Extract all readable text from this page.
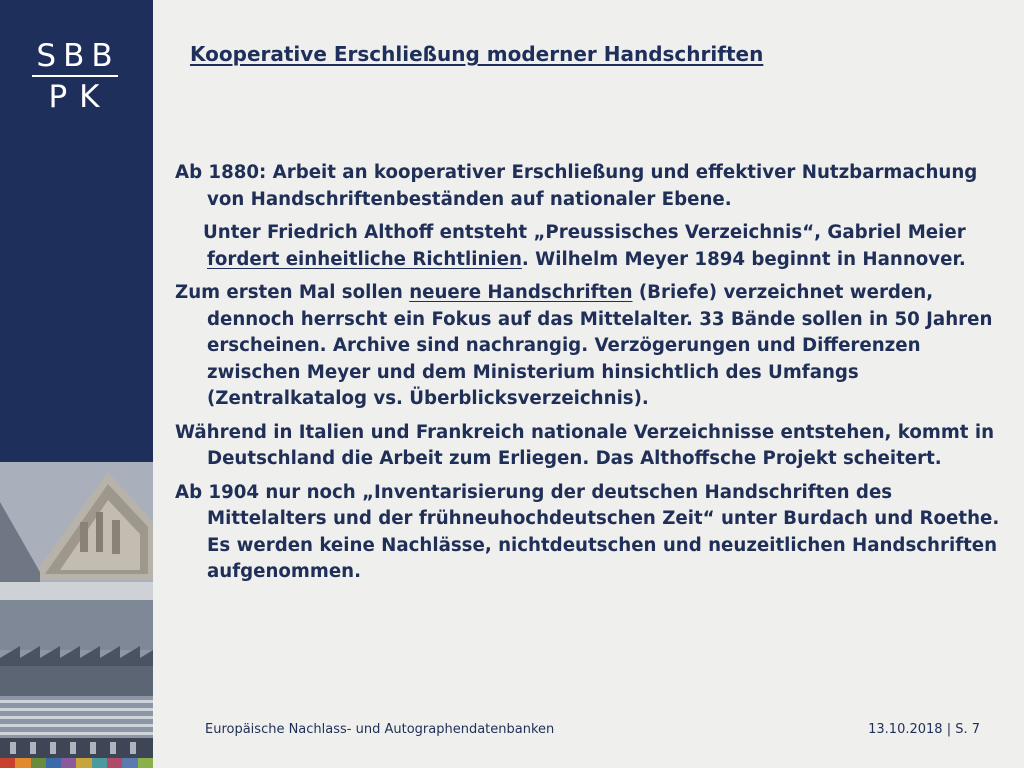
SBB
PK
Kooperative Erschließung moderner Handschriften
Ab 1880: Arbeit an kooperativer Erschließung und effektiver Nutzbarmachung von Handschriftenbeständen auf nationaler Ebene.
Unter Friedrich Althoff entsteht „Preussisches Verzeichnis“, Gabriel Meier fordert einheitliche Richtlinien. Wilhelm Meyer 1894 beginnt in Hannover.
Zum ersten Mal sollen neuere Handschriften (Briefe) verzeichnet werden, dennoch herrscht ein Fokus auf das Mittelalter. 33 Bände sollen in 50 Jahren erscheinen. Archive sind nachrangig. Verzögerungen und Differenzen zwischen Meyer und dem Ministerium hinsichtlich des Umfangs (Zentralkatalog vs. Überblicksverzeichnis).
Während in Italien und Frankreich nationale Verzeichnisse entstehen, kommt in Deutschland die Arbeit zum Erliegen. Das Althoffsche Projekt scheitert.
Ab 1904 nur noch „Inventarisierung der deutschen Handschriften des Mittelalters und der frühneuhochdeutschen Zeit“ unter Burdach und Roethe. Es werden keine Nachlässe, nichtdeutschen und neuzeitlichen Handschriften aufgenommen.
Europäische Nachlass- und Autographendatenbanken	13.10.2018 | S. 7
